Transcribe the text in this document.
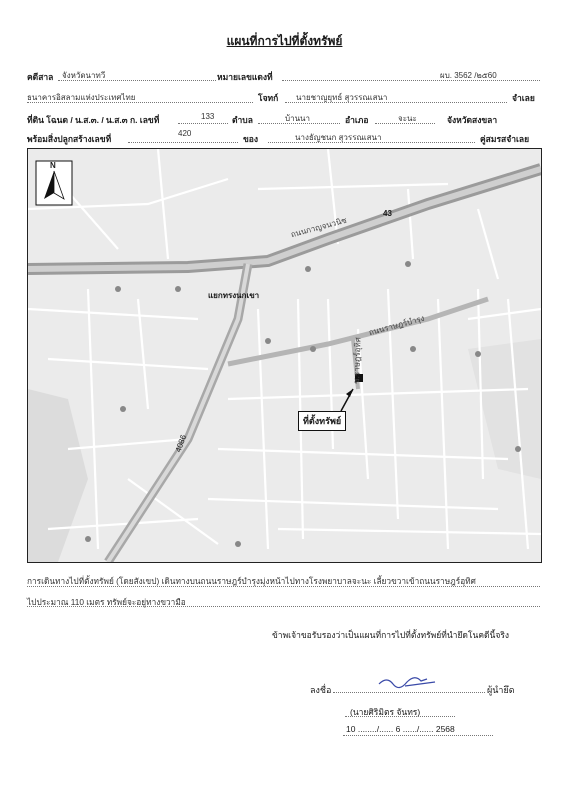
แผนที่การไปที่ตั้งทรัพย์
คดีสาล จังหวัดนาทวี	หมายเลขแดงที่	ผบ. 3562 /๒๕60
ธนาคารอิสลามแห่งประเทศไทย	โจทก์ นายชาญยุทธ์ สุวรรณเสนา	จำเลย
ที่ดิน โฉนด / น.ส.๓. / น.ส.๓ ก. เลขที่	133 ตำบล	บ้านนา	อำเภอ	จะนะ	จังหวัดสงขลา
พร้อมสิ่งปลูกสร้างเลขที่
420
ของ	นางธัญชนก สุวรรณเสนา	คู่สมรสจำเลย
N
43
4086
แยกทรงนกเขา
ถนนกาญจนวนิช
ถนนราษฎร์บำรุง
ซ.ราษฎร์อุทิศ
ที่ตั้งทรัพย์
การเดินทางไปที่ตั้งทรัพย์ (โดยสังเขป) เดินทางบนถนนราษฎร์บำรุงมุ่งหน้าไปทางโรงพยาบาลจะนะ เลี้ยวขวาเข้าถนนราษฎร์อุทิศ
ไปประมาณ 110 เมตร ทรัพย์จะอยู่ทางขวามือ
ข้าพเจ้าขอรับรองว่าเป็นแผนที่การไปที่ตั้งทรัพย์ที่นำยึดโนคดีนี้จริง
ลงชื่อ	ผู้นำยึด
(นายศิริมิตร จันทร)
10 ......../...... 6 ....../...... 2568
